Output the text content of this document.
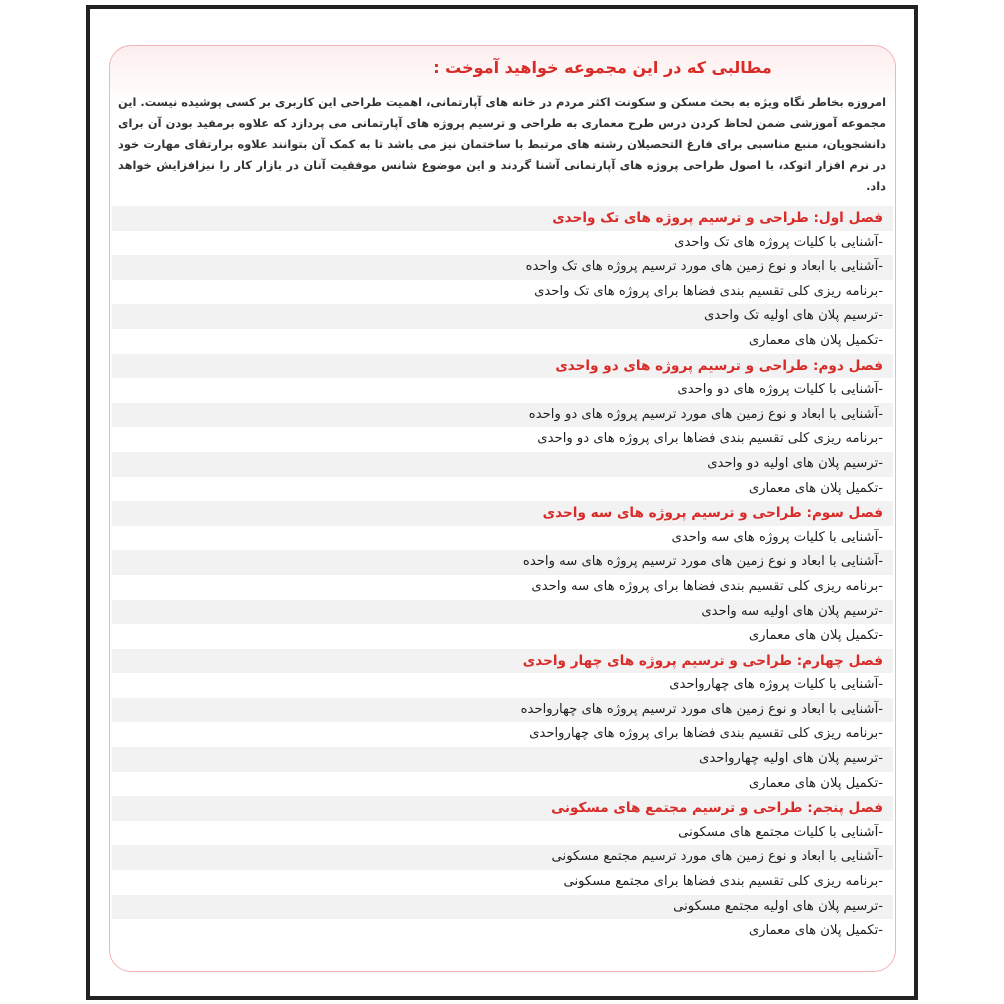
مطالبی که در این مجموعه خواهید آموخت :
امروزه بخاطر نگاه ویژه به بحث مسکن و سکونت اکثر مردم در خانه های آپارتمانی، اهمیت طراحی این کاربری بر کسی پوشیده نیست. این مجموعه آموزشی ضمن لحاظ کردن درس طرح معماری به طراحی و ترسیم پروژه های آپارتمانی می پردازد که علاوه برمفید بودن آن برای دانشجویان، منبع مناسبی برای فارغ التحصیلان رشته های مرتبط با ساختمان نیز می باشد تا به کمک آن بتوانند علاوه برارتقای مهارت خود در نرم افزار اتوکد، با اصول طراحی پروژه های آپارتمانی آشنا گردند و این موضوع شانس موفقیت آنان در بازار کار را نیزافزایش خواهد داد.
فصل اول: طراحی و ترسیم پروژه های تک واحدی
-آشنایی با کلیات پروژه های تک واحدی
-آشنایی با ابعاد و نوع زمین های مورد ترسیم پروژه های تک واحده
-برنامه ریزی کلی تقسیم بندی فضاها برای پروژه های تک واحدی
-ترسیم پلان های اولیه تک واحدی
-تکمیل پلان های معماری
فصل دوم: طراحی و ترسیم پروژه های دو واحدی
-آشنایی با کلیات پروژه های دو واحدی
-آشنایی با ابعاد و نوع زمین های مورد ترسیم پروژه های دو واحده
-برنامه ریزی کلی تقسیم بندی فضاها برای پروژه های دو واحدی
-ترسیم پلان های اولیه دو واحدی
-تکمیل پلان های معماری
فصل سوم: طراحی و ترسیم پروژه های سه واحدی
-آشنایی با کلیات پروژه های سه واحدی
-آشنایی با ابعاد و نوع زمین های مورد ترسیم پروژه های سه واحده
-برنامه ریزی کلی تقسیم بندی فضاها برای پروژه های سه واحدی
-ترسیم پلان های اولیه سه واحدی
-تکمیل پلان های معماری
فصل چهارم: طراحی و ترسیم پروژه های چهار واحدی
-آشنایی با کلیات پروژه های چهارواحدی
-آشنایی با ابعاد و نوع زمین های مورد ترسیم پروژه های چهارواحده
-برنامه ریزی کلی تقسیم بندی فضاها برای پروژه های چهارواحدی
-ترسیم پلان های اولیه چهارواحدی
-تکمیل پلان های معماری
فصل پنجم: طراحی و ترسیم مجتمع های مسکونی
-آشنایی با کلیات مجتمع های مسکونی
-آشنایی با ابعاد و نوع زمین های مورد ترسیم مجتمع مسکونی
-برنامه ریزی کلی تقسیم بندی فضاها برای مجتمع مسکونی
-ترسیم پلان های اولیه مجتمع مسکونی
-تکمیل پلان های معماری
